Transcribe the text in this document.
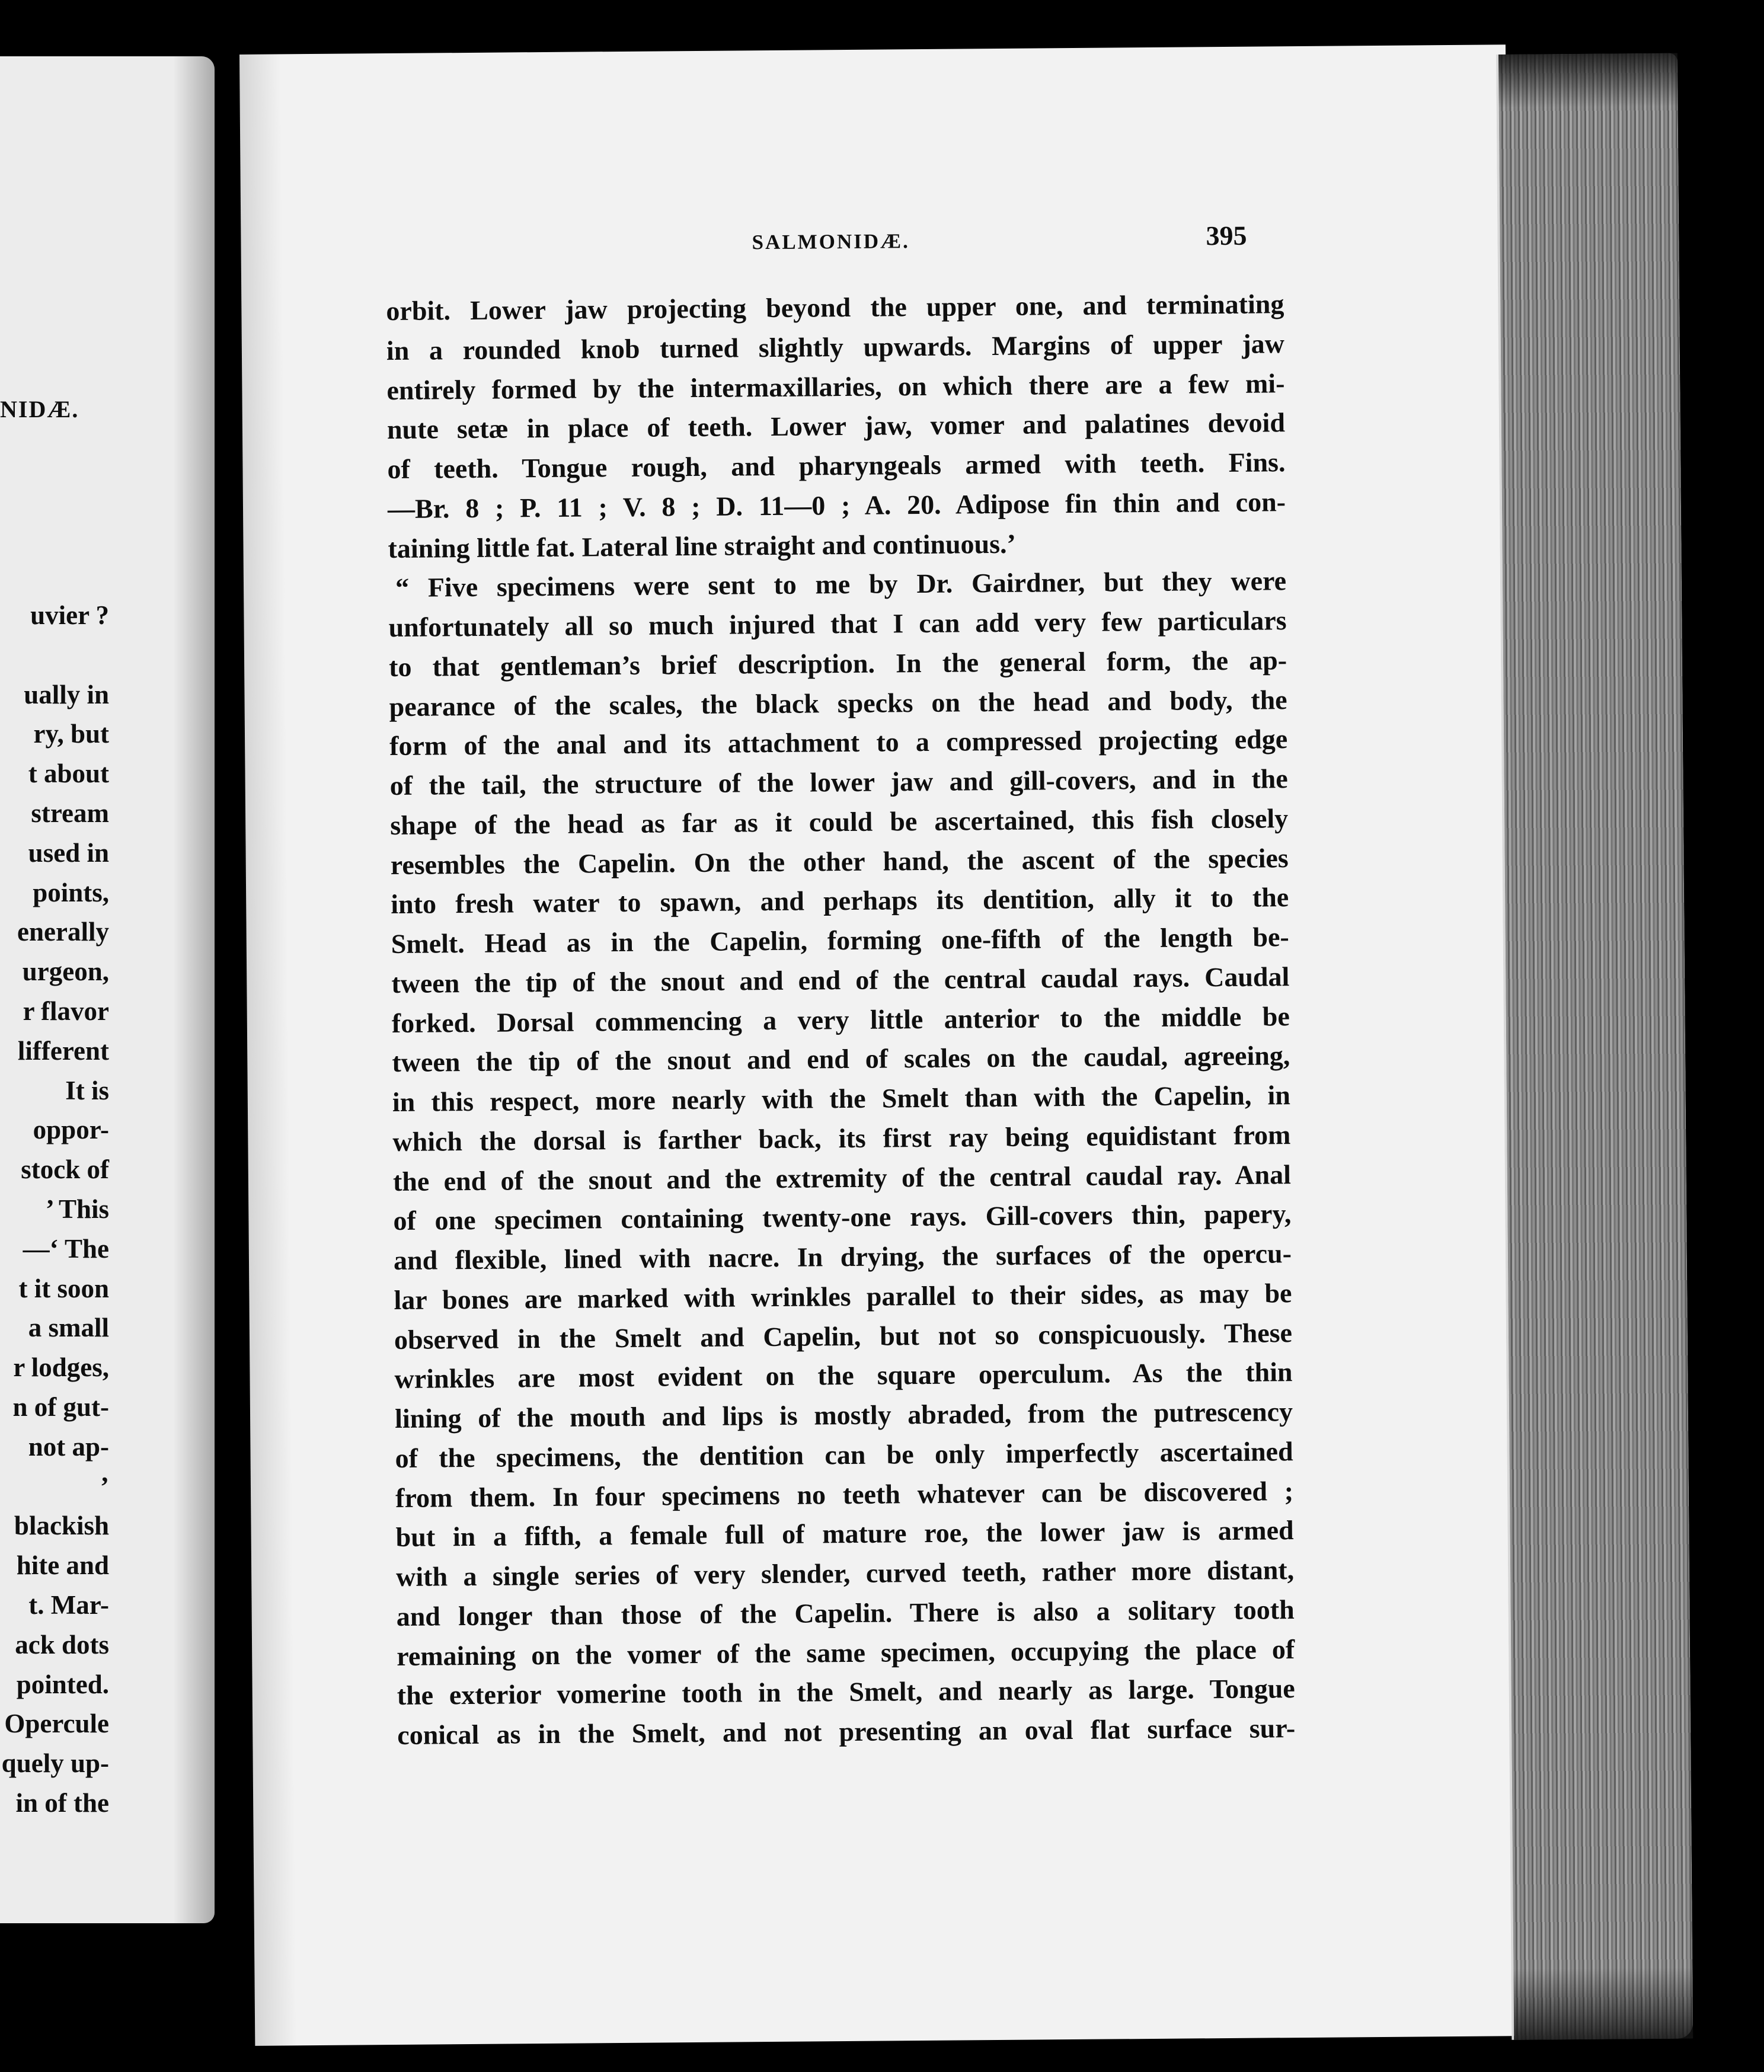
NIDÆ.
uvier ?
ually in
ry, but
t about
stream
used in
points,
enerally
urgeon,
r flavor
lifferent
It is
oppor-
stock of
’ This
—‘ The
t it soon
a small
r lodges,
n of gut-
not ap-
’
blackish
hite and
t. Mar-
ack dots
pointed.
Opercule
quely up-
in of the
SALMONIDÆ.	395
orbit. Lower jaw projecting beyond the upper one, and terminating
in a rounded knob turned slightly upwards. Margins of upper jaw
entirely formed by the intermaxillaries, on which there are a few mi-
nute setæ in place of teeth. Lower jaw, vomer and palatines devoid
of teeth. Tongue rough, and pharyngeals armed with teeth. Fins.
—Br. 8 ; P. 11 ; V. 8 ; D. 11—0 ; A. 20. Adipose fin thin and con-
taining little fat. Lateral line straight and continuous.’
“ Five specimens were sent to me by Dr. Gairdner, but they were
unfortunately all so much injured that I can add very few particulars
to that gentleman’s brief description. In the general form, the ap-
pearance of the scales, the black specks on the head and body, the
form of the anal and its attachment to a compressed projecting edge
of the tail, the structure of the lower jaw and gill-covers, and in the
shape of the head as far as it could be ascertained, this fish closely
resembles the Capelin. On the other hand, the ascent of the species
into fresh water to spawn, and perhaps its dentition, ally it to the
Smelt. Head as in the Capelin, forming one-fifth of the length be-
tween the tip of the snout and end of the central caudal rays. Caudal
forked. Dorsal commencing a very little anterior to the middle be
tween the tip of the snout and end of scales on the caudal, agreeing,
in this respect, more nearly with the Smelt than with the Capelin, in
which the dorsal is farther back, its first ray being equidistant from
the end of the snout and the extremity of the central caudal ray. Anal
of one specimen containing twenty-one rays. Gill-covers thin, papery,
and flexible, lined with nacre. In drying, the surfaces of the opercu-
lar bones are marked with wrinkles parallel to their sides, as may be
observed in the Smelt and Capelin, but not so conspicuously. These
wrinkles are most evident on the square operculum. As the thin
lining of the mouth and lips is mostly abraded, from the putrescency
of the specimens, the dentition can be only imperfectly ascertained
from them. In four specimens no teeth whatever can be discovered ;
but in a fifth, a female full of mature roe, the lower jaw is armed
with a single series of very slender, curved teeth, rather more distant,
and longer than those of the Capelin. There is also a solitary tooth
remaining on the vomer of the same specimen, occupying the place of
the exterior vomerine tooth in the Smelt, and nearly as large. Tongue
conical as in the Smelt, and not presenting an oval flat surface sur-
